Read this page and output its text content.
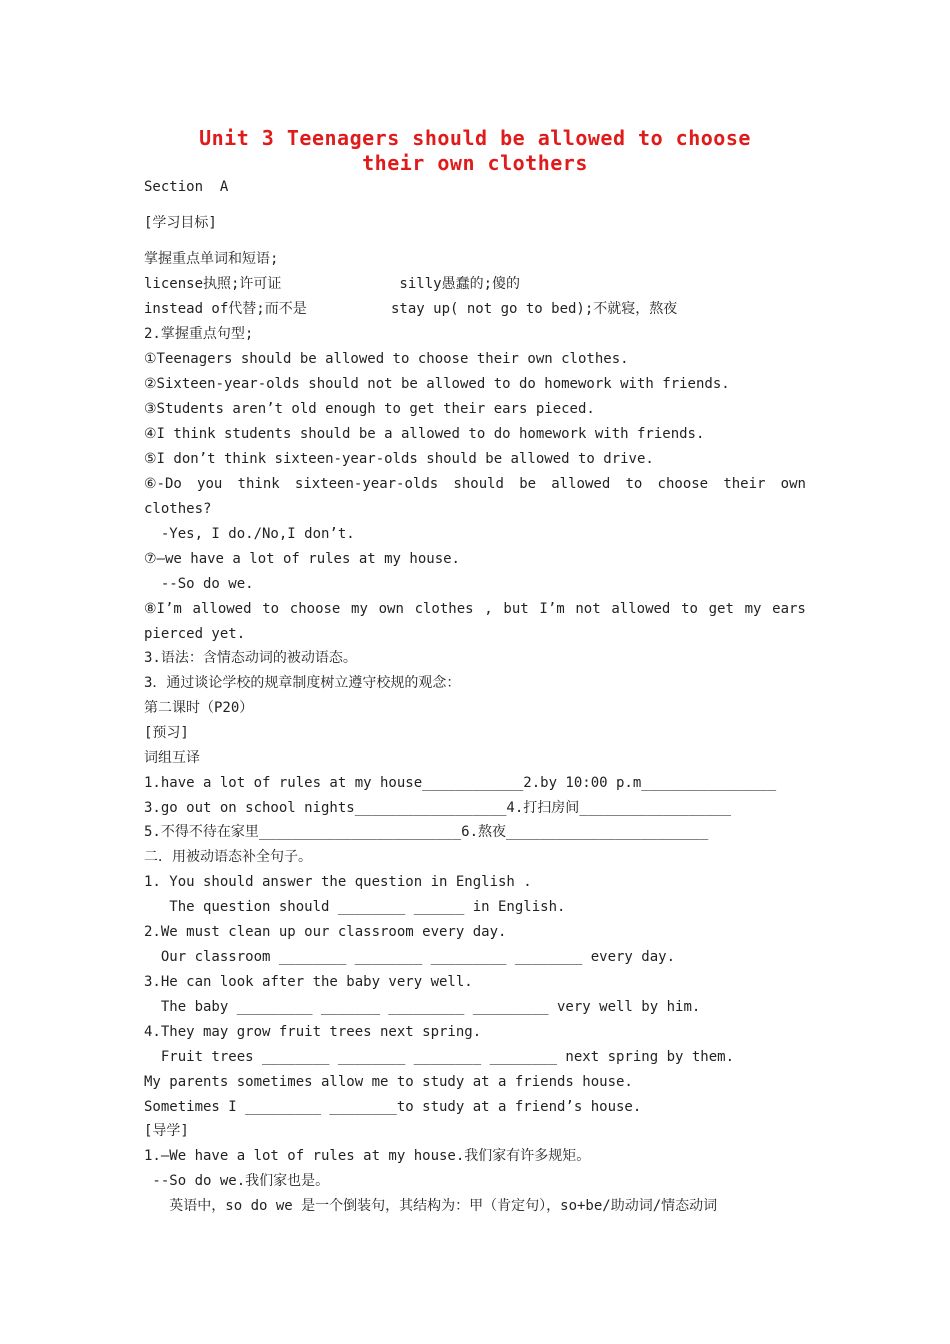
Unit 3 Teenagers should be allowed to choose
their own clothers

Section  A

[学习目标]

掌握重点单词和短语;

license执照;许可证              silly愚蠢的;傻的

instead of代替;而不是          stay up( not go to bed);不就寝，熬夜

2.掌握重点句型;

①Teenagers should be allowed to choose their own clothes.

②Sixteen-year-olds should not be allowed to do homework with friends.

③Students aren’t old enough to get their ears pieced.

④I think students should be a allowed to do homework with friends.

⑤I don’t think sixteen-year-olds should be allowed to drive.

⑥-Do you think sixteen-year-olds should be allowed to choose their own

clothes?

-Yes, I do./No,I don’t.

⑦—we have a lot of rules at my house.

--So do we.

⑧I’m allowed to choose my own clothes , but I’m not allowed to get my ears

pierced yet.

3.语法：含情态动词的被动语态。

3．通过谈论学校的规章制度树立遵守校规的观念：

第二课时（P20）

[预习]

词组互译

1.have a lot of rules at my house____________2.by 10:00 p.m________________

3.go out on school nights__________________4.打扫房间__________________

5.不得不待在家里________________________6.熬夜________________________

二．用被动语态补全句子。

1. You should answer the question in English .

The question should ________ ______ in English.

2.We must clean up our classroom every day.

Our classroom ________ ________ _________ ________ every day.

3.He can look after the baby very well.

The baby _________ _______ _________ _________ very well by him.

4.They may grow fruit trees next spring.

Fruit trees ________ ________ ________ ________ next spring by them.

My parents sometimes allow me to study at a friends house.

Sometimes I _________ ________to study at a friend’s house.

[导学]

1.—We have a lot of rules at my house.我们家有许多规矩。

--So do we.我们家也是。

英语中，so do we 是一个倒装句，其结构为：甲（肯定句），so+be/助动词/情态动词
